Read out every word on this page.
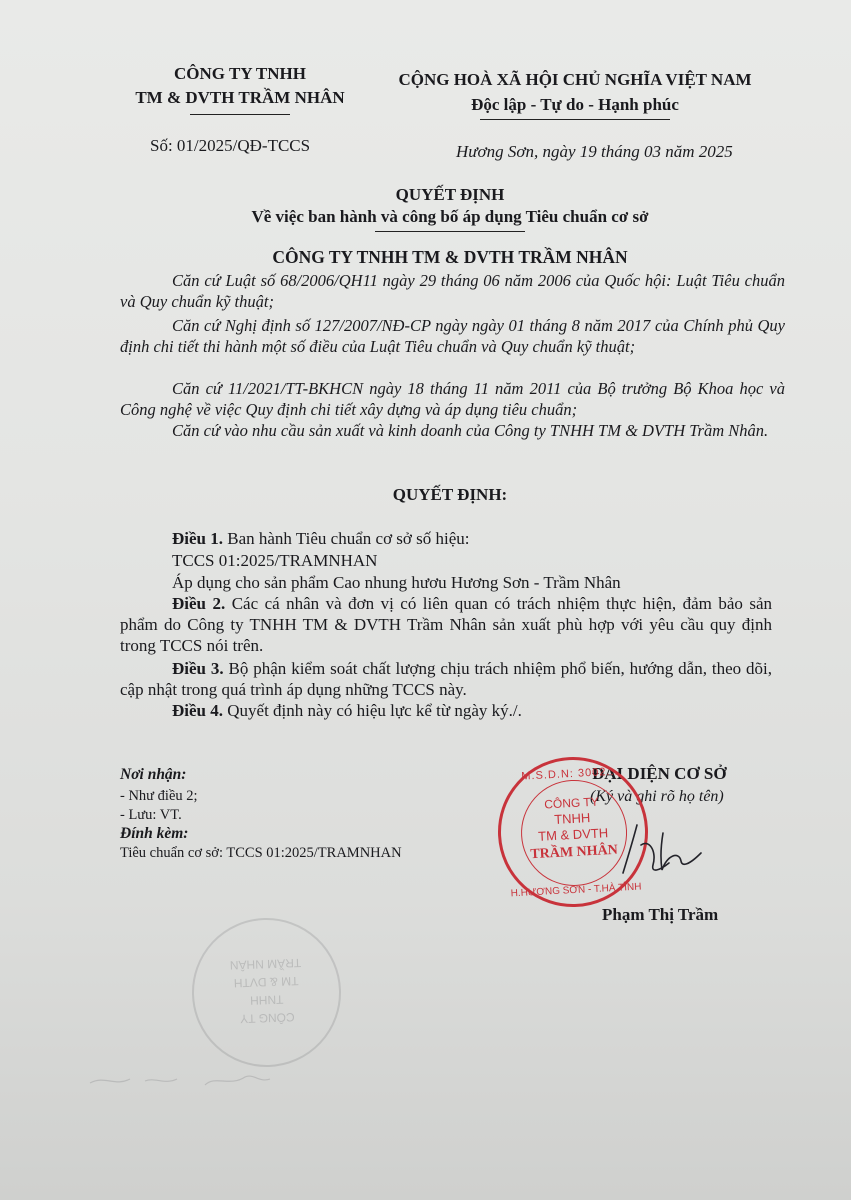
CÔNG TY TNHH
TM & DVTH TRẦM NHÂN
CỘNG HOÀ XÃ HỘI CHỦ NGHĨA VIỆT NAM
Độc lập - Tự do - Hạnh phúc
Số: 01/2025/QĐ-TCCS	Hương Sơn, ngày 19 tháng 03 năm 2025
QUYẾT ĐỊNH
Về việc ban hành và công bố áp dụng Tiêu chuẩn cơ sở
CÔNG TY TNHH TM & DVTH TRẦM NHÂN
Căn cứ Luật số 68/2006/QH11 ngày 29 tháng 06 năm 2006 của Quốc hội: Luật Tiêu chuẩn và Quy chuẩn kỹ thuật;
Căn cứ Nghị định số 127/2007/NĐ-CP ngày ngày 01 tháng 8 năm 2017 của Chính phủ Quy định chi tiết thi hành một số điều của Luật Tiêu chuẩn và Quy chuẩn kỹ thuật;
Căn cứ 11/2021/TT-BKHCN ngày 18 tháng 11 năm 2011 của Bộ trưởng Bộ Khoa học và Công nghệ về việc Quy định chi tiết xây dựng và áp dụng tiêu chuẩn;
Căn cứ vào nhu cầu sản xuất và kinh doanh của Công ty TNHH TM & DVTH Trầm Nhân.
QUYẾT ĐỊNH:
Điều 1. Ban hành Tiêu chuẩn cơ sở số hiệu:
TCCS 01:2025/TRAMNHAN
Áp dụng cho sản phẩm Cao nhung hươu Hương Sơn - Trầm Nhân
Điều 2. Các cá nhân và đơn vị có liên quan có trách nhiệm thực hiện, đảm bảo sản phẩm do Công ty TNHH TM & DVTH Trầm Nhân sản xuất phù hợp với yêu cầu quy định trong TCCS nói trên.
Điều 3. Bộ phận kiểm soát chất lượng chịu trách nhiệm phổ biến, hướng dẫn, theo dõi, cập nhật trong quá trình áp dụng những TCCS này.
Điều 4. Quyết định này có hiệu lực kể từ ngày ký./.
Nơi nhận:
- Như điều 2;
- Lưu: VT.
Đính kèm:
Tiêu chuẩn cơ sở: TCCS 01:2025/TRAMNHAN
CÔNG TY
TNHH
TM & DVTH
TRẦM NHÂN
ĐẠI DIỆN CƠ SỞ
(Ký và ghi rõ họ tên)
M.S.D.N: 3002...
CÔNG TY
TNHH
TM & DVTH
TRẦM NHÂN
H.HƯƠNG SƠN - T.HÀ TĨNH
Phạm Thị Trầm
